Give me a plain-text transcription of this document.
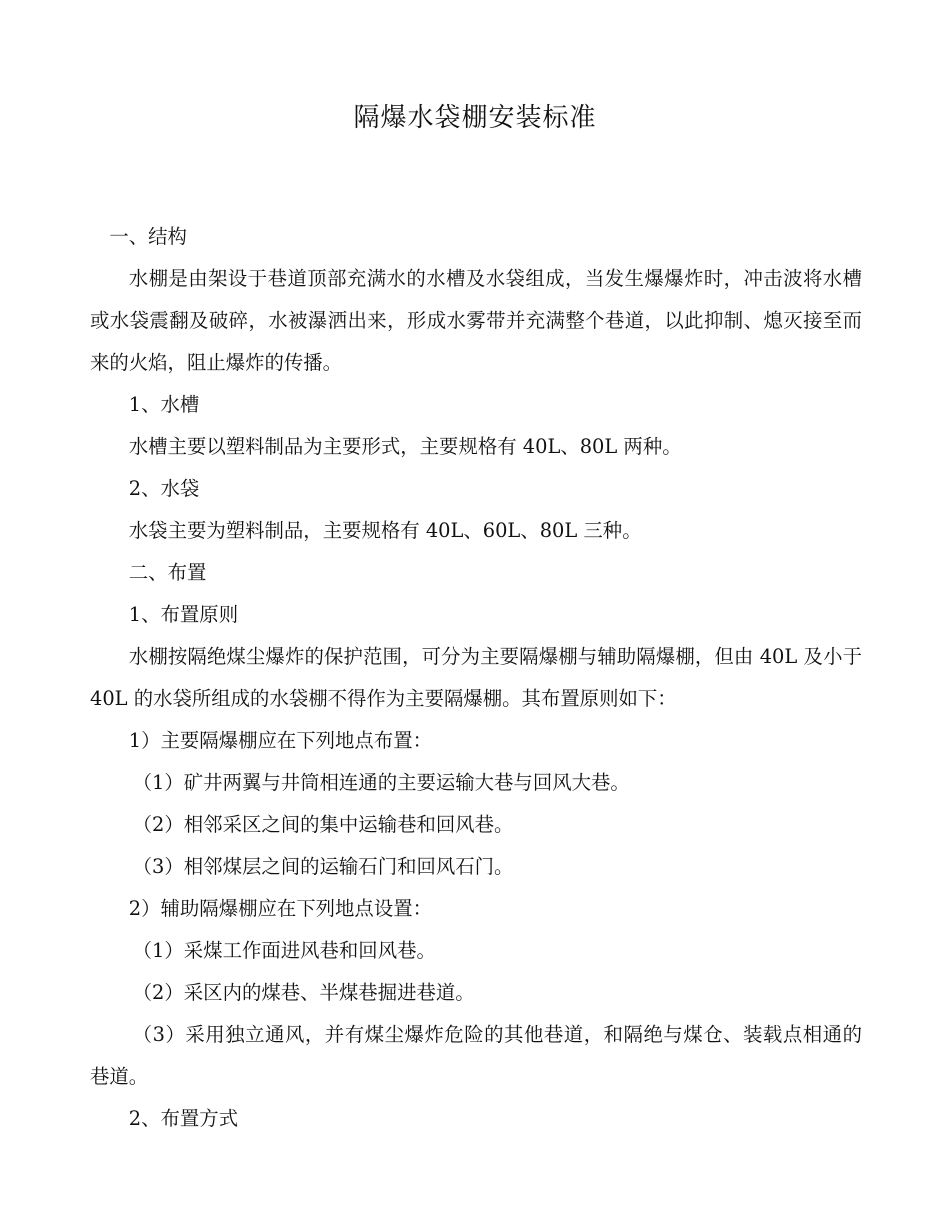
隔爆水袋棚安装标准

一、结构

水棚是由架设于巷道顶部充满水的水槽及水袋组成，当发生爆爆炸时，冲击波将水槽或水袋震翻及破碎，水被瀑洒出来，形成水雾带并充满整个巷道，以此抑制、熄灭接至而来的火焰，阻止爆炸的传播。

1、水槽

水槽主要以塑料制品为主要形式，主要规格有 40L、80L 两种。

2、水袋

水袋主要为塑料制品，主要规格有 40L、60L、80L 三种。

二、布置

1、布置原则

水棚按隔绝煤尘爆炸的保护范围，可分为主要隔爆棚与辅助隔爆棚，但由 40L 及小于 40L 的水袋所组成的水袋棚不得作为主要隔爆棚。其布置原则如下：

1）主要隔爆棚应在下列地点布置：

（1）矿井两翼与井筒相连通的主要运输大巷与回风大巷。

（2）相邻采区之间的集中运输巷和回风巷。

（3）相邻煤层之间的运输石门和回风石门。

2）辅助隔爆棚应在下列地点设置：

（1）采煤工作面进风巷和回风巷。

（2）采区内的煤巷、半煤巷掘进巷道。

（3）采用独立通风，并有煤尘爆炸危险的其他巷道，和隔绝与煤仓、装载点相通的巷道。

2、布置方式
